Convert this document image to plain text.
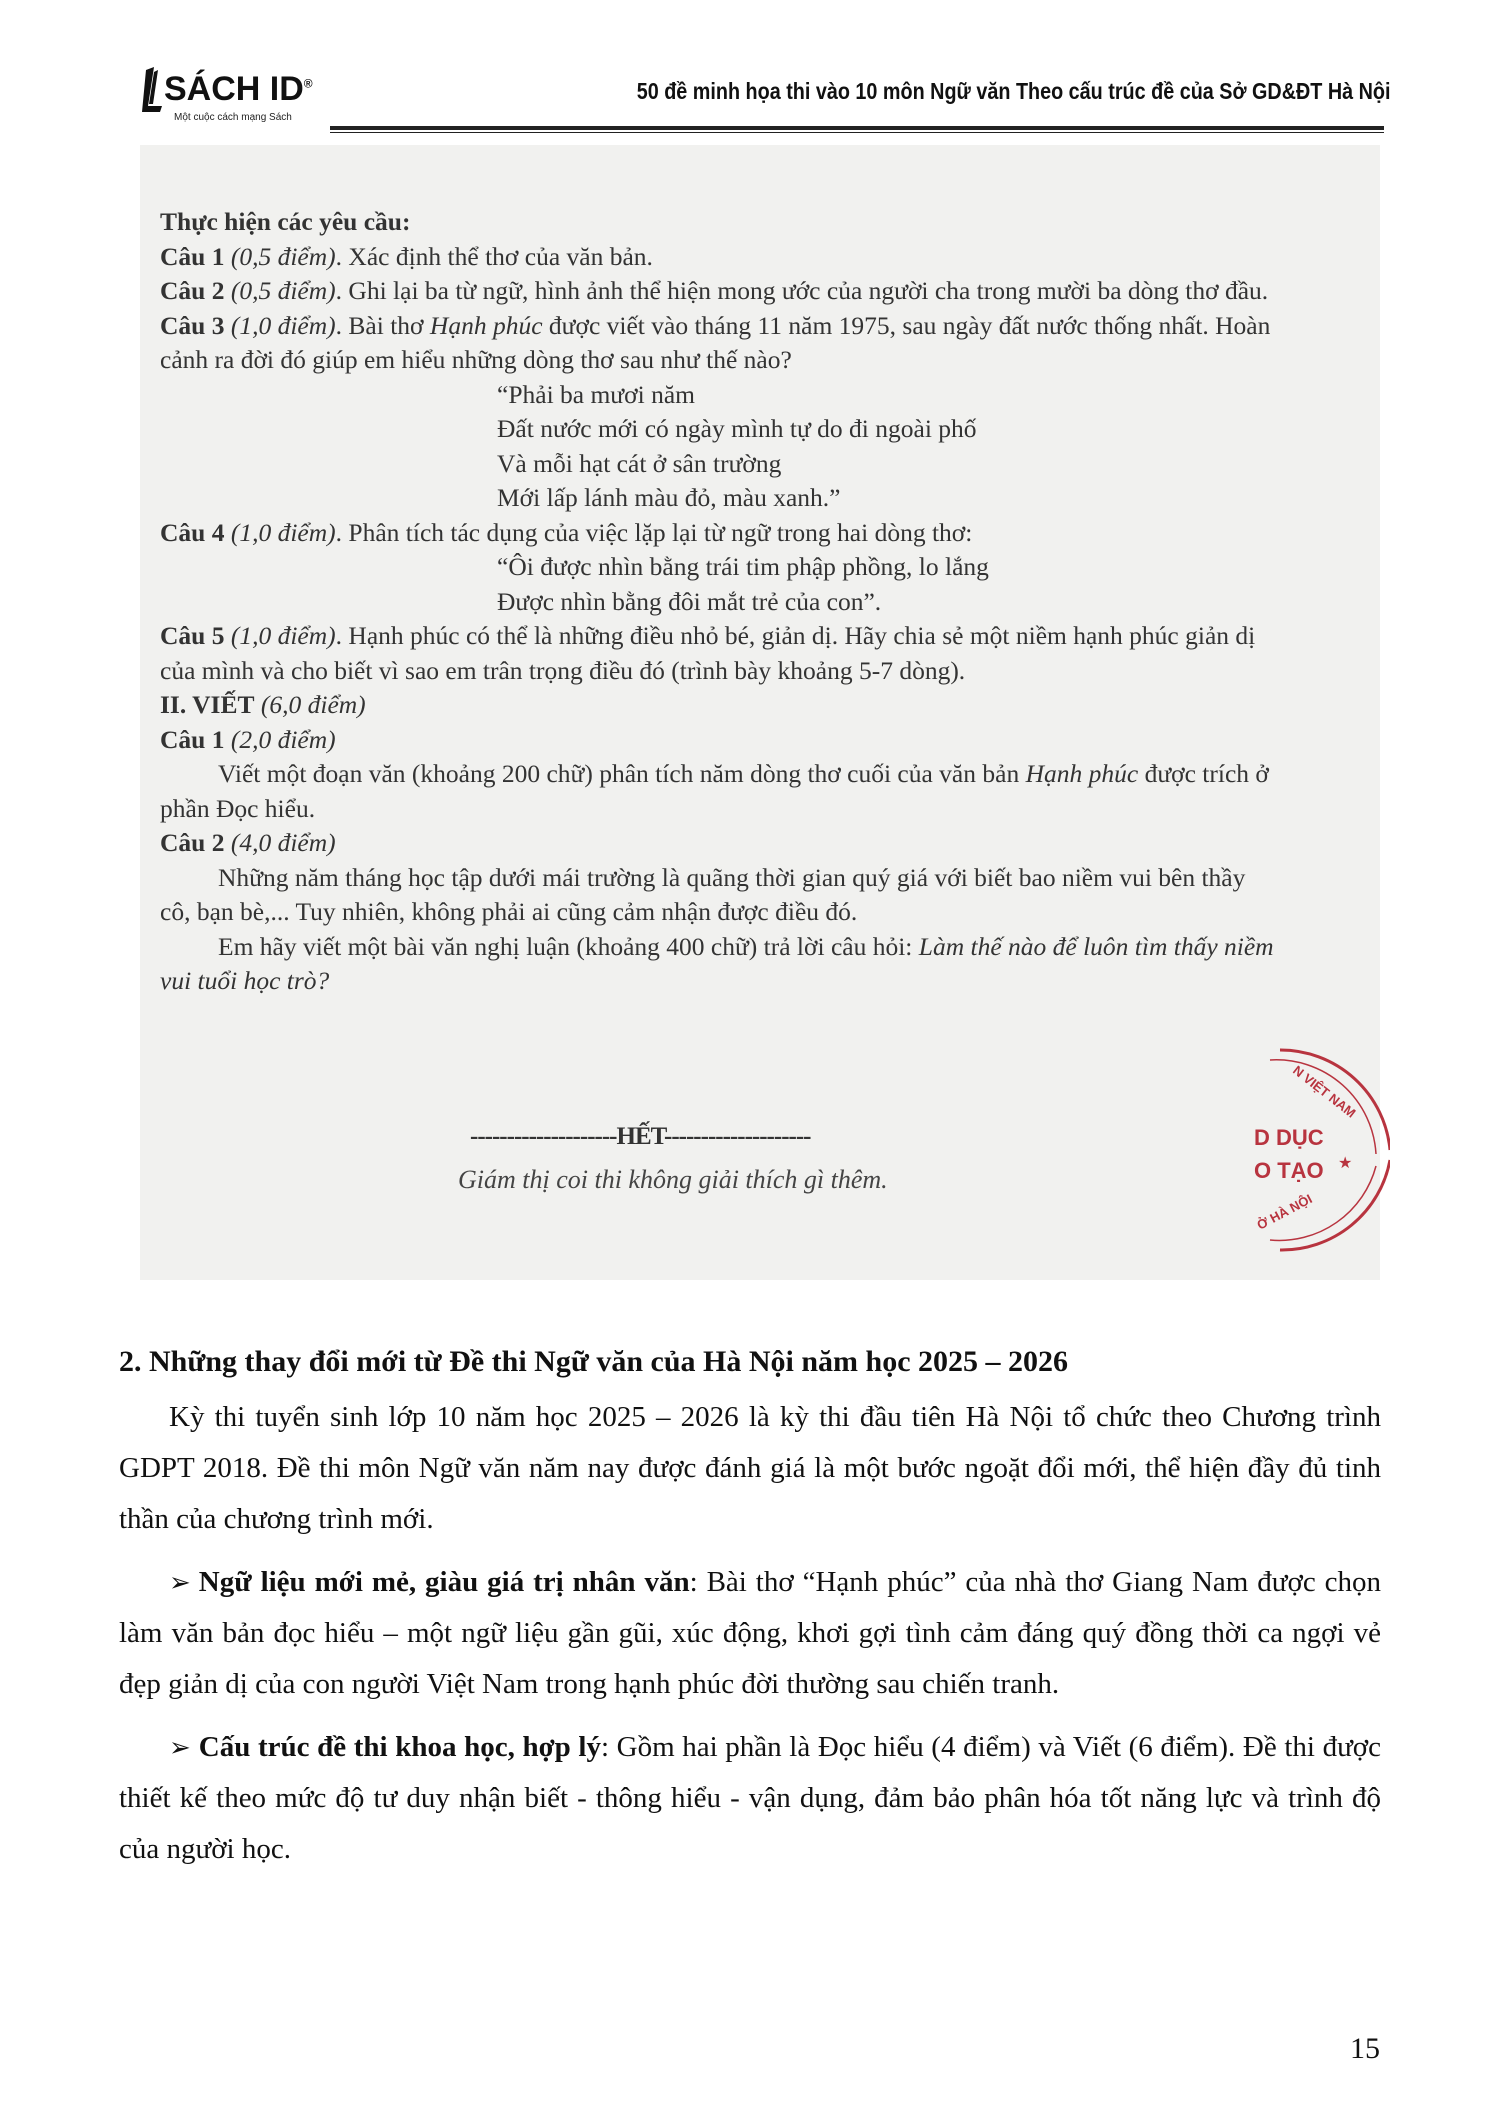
SÁCH ID®
Một cuộc cách mạng Sách
50 đề minh họa thi vào 10 môn Ngữ văn Theo cấu trúc đề của Sở GD&ĐT Hà Nội

Thực hiện các yêu cầu:

Câu 1 (0,5 điểm). Xác định thể thơ của văn bản.

Câu 2 (0,5 điểm). Ghi lại ba từ ngữ, hình ảnh thể hiện mong ước của người cha trong mười ba dòng thơ đầu.

Câu 3 (1,0 điểm). Bài thơ Hạnh phúc được viết vào tháng 11 năm 1975, sau ngày đất nước thống nhất. Hoàn cảnh ra đời đó giúp em hiểu những dòng thơ sau như thế nào?

“Phải ba mươi năm

Đất nước mới có ngày mình tự do đi ngoài phố

Và mỗi hạt cát ở sân trường

Mới lấp lánh màu đỏ, màu xanh.”

Câu 4 (1,0 điểm). Phân tích tác dụng của việc lặp lại từ ngữ trong hai dòng thơ:

“Ôi được nhìn bằng trái tim phập phồng, lo lắng

Được nhìn bằng đôi mắt trẻ của con”.

Câu 5 (1,0 điểm). Hạnh phúc có thể là những điều nhỏ bé, giản dị. Hãy chia sẻ một niềm hạnh phúc giản dị của mình và cho biết vì sao em trân trọng điều đó (trình bày khoảng 5-7 dòng).

II. VIẾT (6,0 điểm)

Câu 1 (2,0 điểm)

Viết một đoạn văn (khoảng 200 chữ) phân tích năm dòng thơ cuối của văn bản Hạnh phúc được trích ở phần Đọc hiểu.

Câu 2 (4,0 điểm)

Những năm tháng học tập dưới mái trường là quãng thời gian quý giá với biết bao niềm vui bên thầy cô, bạn bè,... Tuy nhiên, không phải ai cũng cảm nhận được điều đó.

Em hãy viết một bài văn nghị luận (khoảng 400 chữ) trả lời câu hỏi: Làm thế nào để luôn tìm thấy niềm vui tuổi học trò?

--------------------HẾT--------------------
Giám thị coi thi không giải thích gì thêm.
N VIỆT NAM
D DỤC
O TẠO ★
Ở HÀ NỘI
2. Những thay đổi mới từ Đề thi Ngữ văn của Hà Nội năm học 2025 – 2026

Kỳ thi tuyển sinh lớp 10 năm học 2025 – 2026 là kỳ thi đầu tiên Hà Nội tổ chức theo Chương trình GDPT 2018. Đề thi môn Ngữ văn năm nay được đánh giá là một bước ngoặt đổi mới, thể hiện đầy đủ tinh thần của chương trình mới.

➢ Ngữ liệu mới mẻ, giàu giá trị nhân văn: Bài thơ “Hạnh phúc” của nhà thơ Giang Nam được chọn làm văn bản đọc hiểu – một ngữ liệu gần gũi, xúc động, khơi gợi tình cảm đáng quý đồng thời ca ngợi vẻ đẹp giản dị của con người Việt Nam trong hạnh phúc đời thường sau chiến tranh.

➢ Cấu trúc đề thi khoa học, hợp lý: Gồm hai phần là Đọc hiểu (4 điểm) và Viết (6 điểm). Đề thi được thiết kế theo mức độ tư duy nhận biết - thông hiểu - vận dụng, đảm bảo phân hóa tốt năng lực và trình độ của người học.

15
